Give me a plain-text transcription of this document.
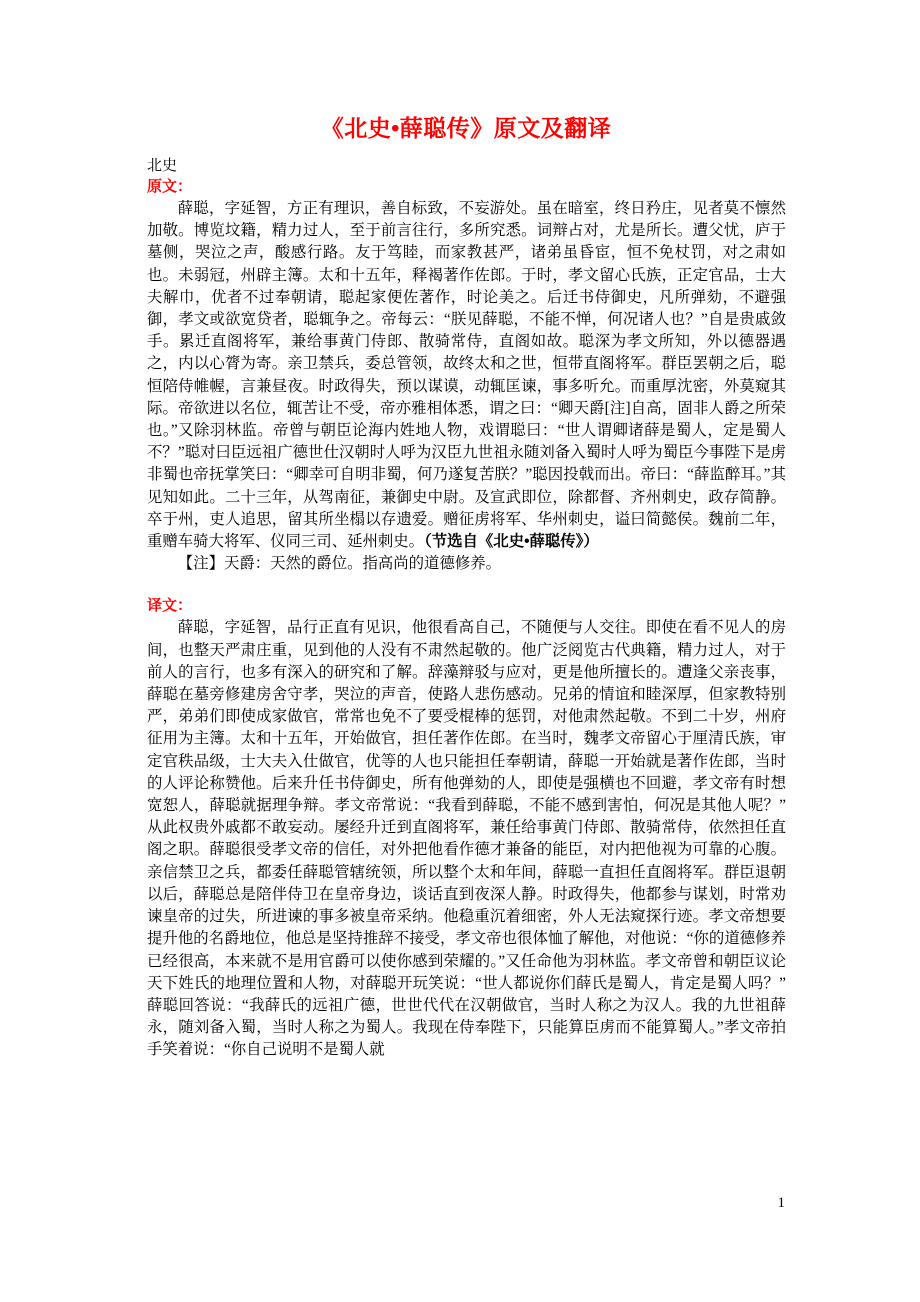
《北史•薛聪传》原文及翻译
北史
原文：

薛聪，字延智，方正有理识，善自标致，不妄游处。虽在暗室，终日矜庄，见者莫不懔然加敬。博览坟籍，精力过人，至于前言往行，多所究悉。词辩占对，尤是所长。遭父忧，庐于墓侧，哭泣之声，酸感行路。友于笃睦，而家教甚严，诸弟虽昏宦，恒不免杖罚，对之肃如也。未弱冠，州辟主簿。太和十五年，释褐著作佐郎。于时，孝文留心氏族，正定官品，士大夫解巾，优者不过奉朝请，聪起家便佐著作，时论美之。后迁书侍御史，凡所弹劾，不避强御，孝文或欲宽贷者，聪辄争之。帝每云：“朕见薛聪，不能不惮，何况诸人也？”自是贵戚敛手。累迁直阁将军，兼给事黄门侍郎、散骑常侍，直阁如故。聪深为孝文所知，外以德器遇之，内以心膂为寄。亲卫禁兵，委总管领，故终太和之世，恒带直阁将军。群臣罢朝之后，聪恒陪侍帷幄，言兼昼夜。时政得失，预以谋谟，动辄匡谏，事多听允。而重厚沈密，外莫窥其际。帝欲进以名位，辄苦让不受，帝亦雅相体悉，谓之曰：“卿天爵[注]自高，固非人爵之所荣也。”又除羽林监。帝曾与朝臣论海内姓地人物，戏谓聪曰：“世人谓卿诸薛是蜀人，定是蜀人不？”聪对曰臣远祖广德世仕汉朝时人呼为汉臣九世祖永随刘备入蜀时人呼为蜀臣今事陛下是虏非蜀也帝抚掌笑曰：“卿幸可自明非蜀，何乃遂复苦朕？”聪因投戟而出。帝曰：“薛监醉耳。”其见知如此。二十三年，从驾南征，兼御史中尉。及宣武即位，除都督、齐州刺史，政存简静。卒于州，吏人追思，留其所坐榻以存遗爱。赠征虏将军、华州刺史，谥曰简懿侯。魏前二年，重赠车骑大将军、仪同三司、延州刺史。（节选自《北史•薛聪传》）

【注】天爵：天然的爵位。指高尚的道德修养。

译文：

薛聪，字延智，品行正直有见识，他很看高自己，不随便与人交往。即使在看不见人的房间，也整天严肃庄重，见到他的人没有不肃然起敬的。他广泛阅览古代典籍，精力过人，对于前人的言行，也多有深入的研究和了解。辞藻辩驳与应对，更是他所擅长的。遭逢父亲丧事，薛聪在墓旁修建房舍守孝，哭泣的声音，使路人悲伤感动。兄弟的情谊和睦深厚，但家教特别严，弟弟们即使成家做官，常常也免不了要受棍棒的惩罚，对他肃然起敬。不到二十岁，州府征用为主簿。太和十五年，开始做官，担任著作佐郎。在当时，魏孝文帝留心于厘清氏族，审定官秩品级，士大夫入仕做官，优等的人也只能担任奉朝请，薛聪一开始就是著作佐郎，当时的人评论称赞他。后来升任书侍御史，所有他弹劾的人，即使是强横也不回避，孝文帝有时想宽恕人，薛聪就据理争辩。孝文帝常说：“我看到薛聪，不能不感到害怕，何况是其他人呢？”从此权贵外戚都不敢妄动。屡经升迁到直阁将军，兼任给事黄门侍郎、散骑常侍，依然担任直阁之职。薛聪很受孝文帝的信任，对外把他看作德才兼备的能臣，对内把他视为可靠的心腹。亲信禁卫之兵，都委任薛聪管辖统领，所以整个太和年间，薛聪一直担任直阁将军。群臣退朝以后，薛聪总是陪伴侍卫在皇帝身边，谈话直到夜深人静。时政得失，他都参与谋划，时常劝谏皇帝的过失，所进谏的事多被皇帝采纳。他稳重沉着细密，外人无法窥探行迹。孝文帝想要提升他的名爵地位，他总是坚持推辞不接受，孝文帝也很体恤了解他，对他说：“你的道德修养已经很高，本来就不是用官爵可以使你感到荣耀的。”又任命他为羽林监。孝文帝曾和朝臣议论天下姓氏的地理位置和人物，对薛聪开玩笑说：“世人都说你们薛氏是蜀人，肯定是蜀人吗？”薛聪回答说：“我薛氏的远祖广德，世世代代在汉朝做官，当时人称之为汉人。我的九世祖薛永，随刘备入蜀，当时人称之为蜀人。我现在侍奉陛下，只能算臣虏而不能算蜀人。”孝文帝拍手笑着说：“你自己说明不是蜀人就

1
